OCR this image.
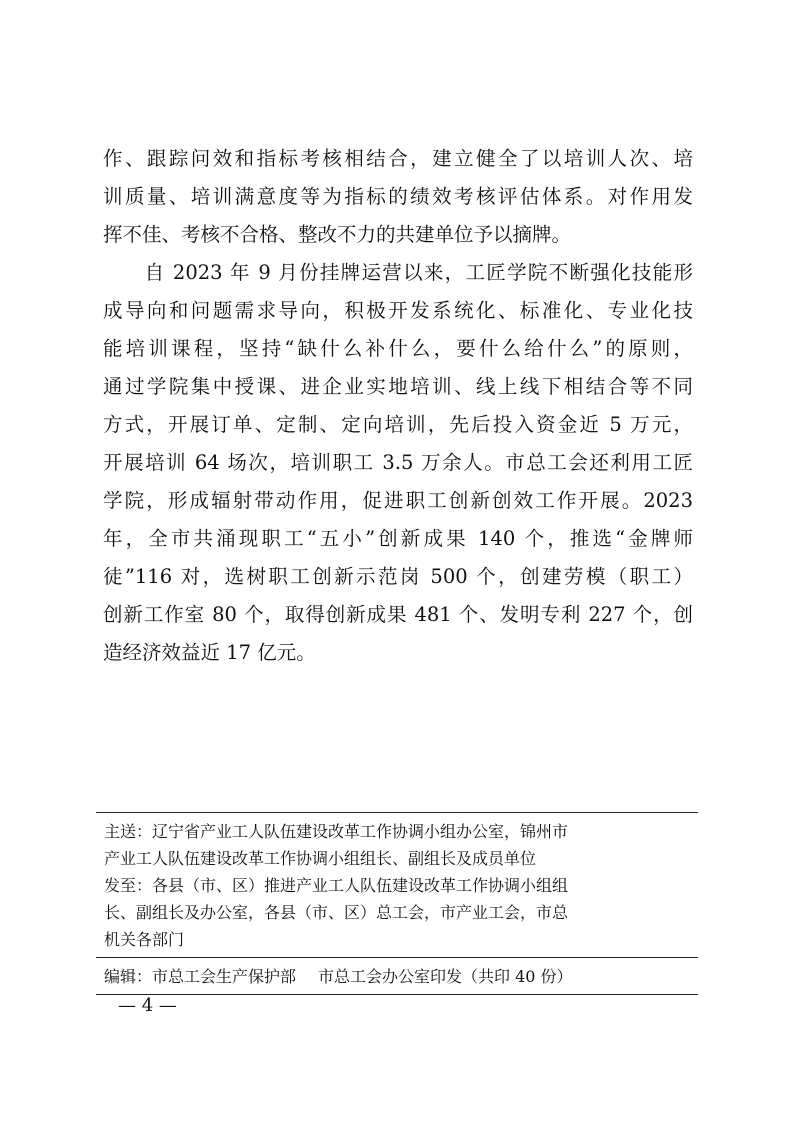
作、跟踪问效和指标考核相结合，建立健全了以培训人次、培
训质量、培训满意度等为指标的绩效考核评估体系。对作用发
挥不佳、考核不合格、整改不力的共建单位予以摘牌。
　　自 2023 年 9 月份挂牌运营以来，工匠学院不断强化技能形
成导向和问题需求导向，积极开发系统化、标准化、专业化技
能培训课程，坚持“缺什么补什么，要什么给什么”的原则，
通过学院集中授课、进企业实地培训、线上线下相结合等不同
方式，开展订单、定制、定向培训，先后投入资金近 5 万元，
开展培训 64 场次，培训职工 3.5 万余人。市总工会还利用工匠
学院，形成辐射带动作用，促进职工创新创效工作开展。2023
年，全市共涌现职工“五小”创新成果 140 个，推选“金牌师
徒”116 对，选树职工创新示范岗 500 个，创建劳模（职工）
创新工作室 80 个，取得创新成果 481 个、发明专利 227 个，创
造经济效益近 17 亿元。
主送：辽宁省产业工人队伍建设改革工作协调小组办公室，锦州市
产业工人队伍建设改革工作协调小组组长、副组长及成员单位
发至：各县（市、区）推进产业工人队伍建设改革工作协调小组组
长、副组长及办公室，各县（市、区）总工会，市产业工会，市总
机关各部门
编辑：市总工会生产保护部 市总工会办公室印发（共印 40 份）
— 4 —
